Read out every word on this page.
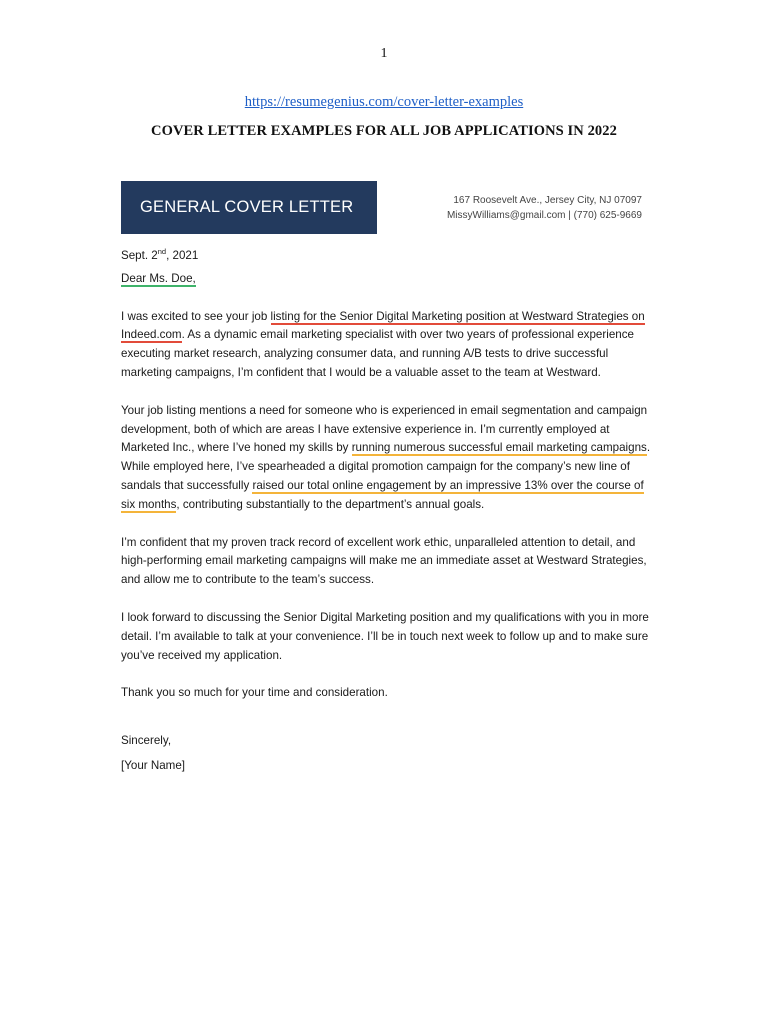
1
https://resumegenius.com/cover-letter-examples
COVER LETTER EXAMPLES FOR ALL JOB APPLICATIONS IN 2022
GENERAL COVER LETTER	167 Roosevelt Ave., Jersey City, NJ 07097
MissyWilliams@gmail.com | (770) 625-9669

Sept. 2nd, 2021

Dear Ms. Doe,

I was excited to see your job listing for the Senior Digital Marketing position at Westward Strategies on Indeed.com. As a dynamic email marketing specialist with over two years of professional experience executing market research, analyzing consumer data, and running A/B tests to drive successful marketing campaigns, I’m confident that I would be a valuable asset to the team at Westward.

Your job listing mentions a need for someone who is experienced in email segmentation and campaign development, both of which are areas I have extensive experience in. I’m currently employed at Marketed Inc., where I’ve honed my skills by running numerous successful email marketing campaigns. While employed here, I’ve spearheaded a digital promotion campaign for the company’s new line of sandals that successfully raised our total online engagement by an impressive 13% over the course of six months, contributing substantially to the department’s annual goals.

I’m confident that my proven track record of excellent work ethic, unparalleled attention to detail, and high-performing email marketing campaigns will make me an immediate asset at Westward Strategies, and allow me to contribute to the team’s success.

I look forward to discussing the Senior Digital Marketing position and my qualifications with you in more detail. I’m available to talk at your convenience. I’ll be in touch next week to follow up and to make sure you’ve received my application.

Thank you so much for your time and consideration.

Sincerely,

[Your Name]
